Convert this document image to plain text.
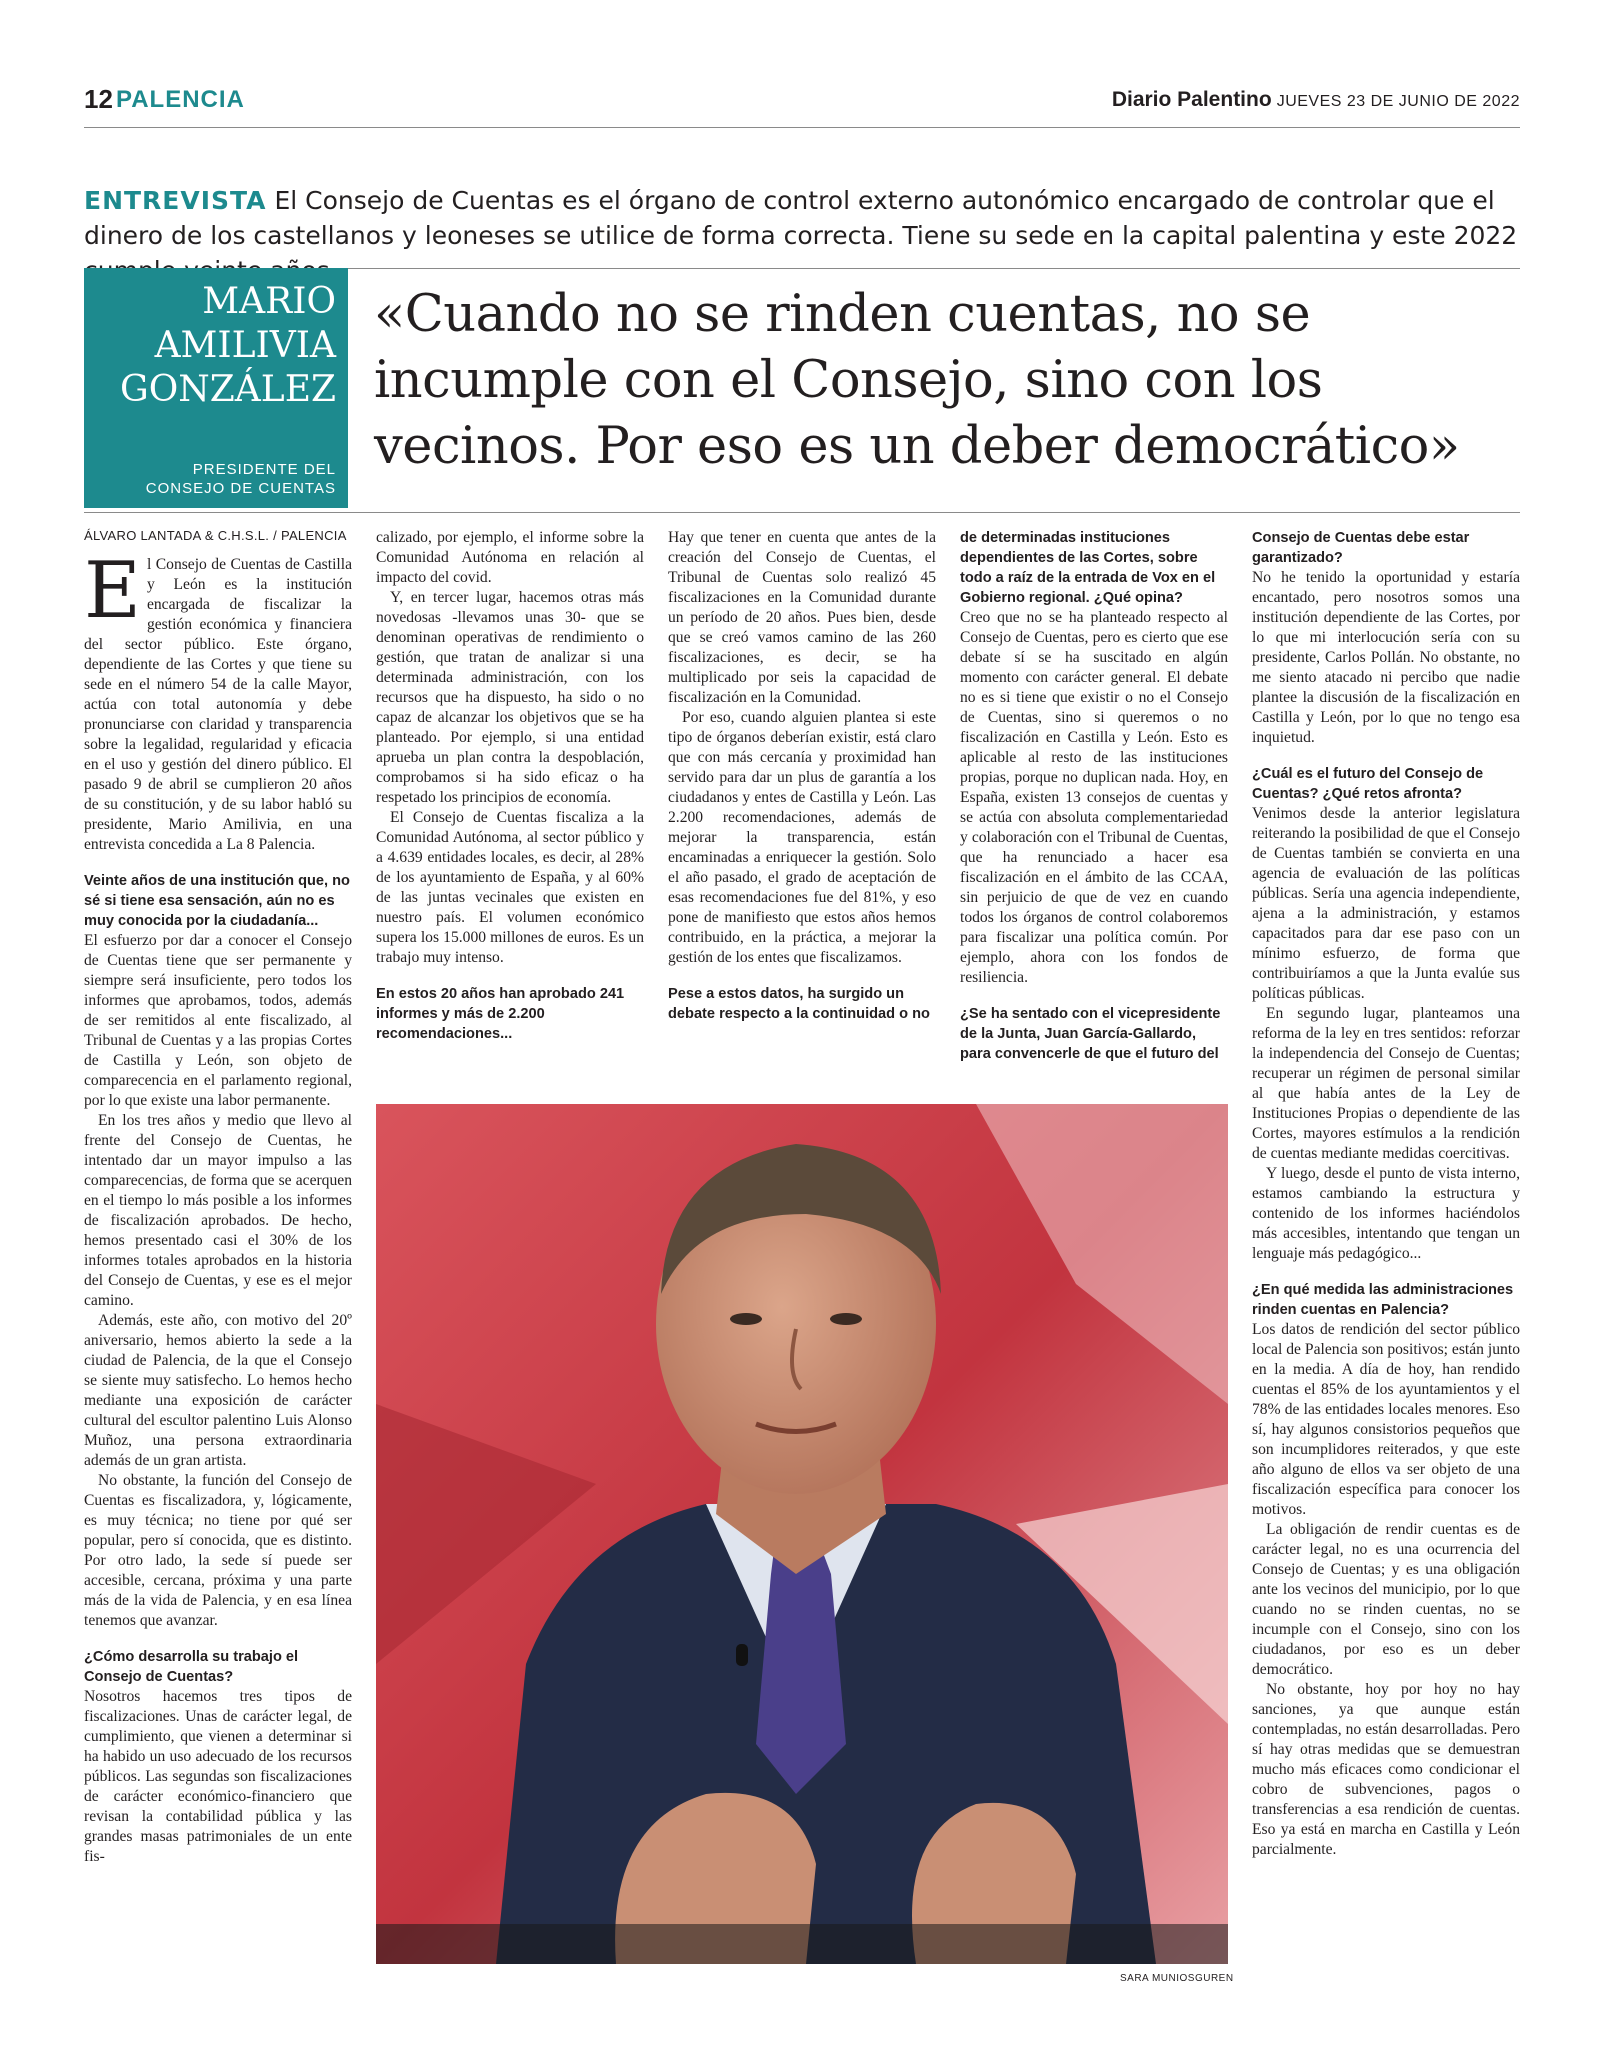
12 PALENCIA	Diario Palentino JUEVES 23 DE JUNIO DE 2022
ENTREVISTA El Consejo de Cuentas es el órgano de control externo autonómico encargado de controlar que el dinero de los castellanos y leoneses se utilice de forma correcta. Tiene su sede en la capital palentina y este 2022
MARIO
AMILIVIA
GONZÁLEZ
PRESIDENTE DEL
CONSEJO DE CUENTAS
«Cuando no se rinden cuentas, no se incumple con el Consejo, sino con los vecinos. Por eso es un deber democrático»
ÁLVARO LANTADA & C.H.S.L. / PALENCIA

El Consejo de Cuentas de Castilla y León es la institución encargada de fiscalizar la gestión económica y financiera del sector público. Este órgano, dependiente de las Cortes y que tiene su sede en el número 54 de la calle Mayor, actúa con total autonomía y debe pronunciarse con claridad y transparencia sobre la legalidad, regularidad y eficacia en el uso y gestión del dinero público. El pasado 9 de abril se cumplieron 20 años de su constitución, y de su labor habló su presidente, Mario Amilivia, en una entrevista concedida a La 8 Palencia.

Veinte años de una institución que, no sé si tiene esa sensación, aún no es muy conocida por la ciudadanía...

El esfuerzo por dar a conocer el Consejo de Cuentas tiene que ser permanente y siempre será insuficiente, pero todos los informes que aprobamos, todos, además de ser remitidos al ente fiscalizado, al Tribunal de Cuentas y a las propias Cortes de Castilla y León, son objeto de comparecencia en el parlamento regional, por lo que existe una labor permanente.

En los tres años y medio que llevo al frente del Consejo de Cuentas, he intentado dar un mayor impulso a las comparecencias, de forma que se acerquen en el tiempo lo más posible a los informes de fiscalización aprobados. De hecho, hemos presentado casi el 30% de los informes totales aprobados en la historia del Consejo de Cuentas, y ese es el mejor camino.

Además, este año, con motivo del 20º aniversario, hemos abierto la sede a la ciudad de Palencia, de la que el Consejo se siente muy satisfecho. Lo hemos hecho mediante una exposición de carácter cultural del escultor palentino Luis Alonso Muñoz, una persona extraordinaria además de un gran artista.

No obstante, la función del Consejo de Cuentas es fiscalizadora, y, lógicamente, es muy técnica; no tiene por qué ser popular, pero sí conocida, que es distinto. Por otro lado, la sede sí puede ser accesible, cercana, próxima y una parte más de la vida de Palencia, y en esa línea tenemos que avanzar.

¿Cómo desarrolla su trabajo el Consejo de Cuentas?

Nosotros hacemos tres tipos de fiscalizaciones. Unas de carácter legal, de cumplimiento, que vienen a determinar si ha habido un uso adecuado de los recursos públicos. Las segundas son fiscalizaciones de carácter económico-financiero que revisan la contabilidad pública y las grandes masas patrimoniales de un ente fis-

calizado, por ejemplo, el informe sobre la Comunidad Autónoma en relación al impacto del covid.

Y, en tercer lugar, hacemos otras más novedosas -llevamos unas 30- que se denominan operativas de rendimiento o gestión, que tratan de analizar si una determinada administración, con los recursos que ha dispuesto, ha sido o no capaz de alcanzar los objetivos que se ha planteado. Por ejemplo, si una entidad aprueba un plan contra la despoblación, comprobamos si ha sido eficaz o ha respetado los principios de economía.

El Consejo de Cuentas fiscaliza a la Comunidad Autónoma, al sector público y a 4.639 entidades locales, es decir, al 28% de los ayuntamiento de España, y al 60% de las juntas vecinales que existen en nuestro país. El volumen económico supera los 15.000 millones de euros. Es un trabajo muy intenso.

En estos 20 años han aprobado 241 informes y más de 2.200 recomendaciones...

Hay que tener en cuenta que antes de la creación del Consejo de Cuentas, el Tribunal de Cuentas solo realizó 45 fiscalizaciones en la Comunidad durante un período de 20 años. Pues bien, desde que se creó vamos camino de las 260 fiscalizaciones, es decir, se ha multiplicado por seis la capacidad de fiscalización en la Comunidad.

Por eso, cuando alguien plantea si este tipo de órganos deberían existir, está claro que con más cercanía y proximidad han servido para dar un plus de garantía a los ciudadanos y entes de Castilla y León. Las 2.200 recomendaciones, además de mejorar la transparencia, están encaminadas a enriquecer la gestión. Solo el año pasado, el grado de aceptación de esas recomendaciones fue del 81%, y eso pone de manifiesto que estos años hemos contribuido, en la práctica, a mejorar la gestión de los entes que fiscalizamos.

Pese a estos datos, ha surgido un debate respecto a la continuidad o no

de determinadas instituciones dependientes de las Cortes, sobre todo a raíz de la entrada de Vox en el Gobierno regional. ¿Qué opina?

Creo que no se ha planteado respecto al Consejo de Cuentas, pero es cierto que ese debate sí se ha suscitado en algún momento con carácter general. El debate no es si tiene que existir o no el Consejo de Cuentas, sino si queremos o no fiscalización en Castilla y León. Esto es aplicable al resto de las instituciones propias, porque no duplican nada. Hoy, en España, existen 13 consejos de cuentas y se actúa con absoluta complementariedad y colaboración con el Tribunal de Cuentas, que ha renunciado a hacer esa fiscalización en el ámbito de las CCAA, sin perjuicio de que de vez en cuando todos los órganos de control colaboremos para fiscalizar una política común. Por ejemplo, ahora con los fondos de resiliencia.

¿Se ha sentado con el vicepresidente de la Junta, Juan García-Gallardo, para convencerle de que el futuro del

Consejo de Cuentas debe estar garantizado?

No he tenido la oportunidad y estaría encantado, pero nosotros somos una institución dependiente de las Cortes, por lo que mi interlocución sería con su presidente, Carlos Pollán. No obstante, no me siento atacado ni percibo que nadie plantee la discusión de la fiscalización en Castilla y León, por lo que no tengo esa inquietud.

¿Cuál es el futuro del Consejo de Cuentas? ¿Qué retos afronta?

Venimos desde la anterior legislatura reiterando la posibilidad de que el Consejo de Cuentas también se convierta en una agencia de evaluación de las políticas públicas. Sería una agencia independiente, ajena a la administración, y estamos capacitados para dar ese paso con un mínimo esfuerzo, de forma que contribuiríamos a que la Junta evalúe sus políticas públicas.

En segundo lugar, planteamos una reforma de la ley en tres sentidos: reforzar la independencia del Consejo de Cuentas; recuperar un régimen de personal similar al que había antes de la Ley de Instituciones Propias o dependiente de las Cortes, mayores estímulos a la rendición de cuentas mediante medidas coercitivas.

Y luego, desde el punto de vista interno, estamos cambiando la estructura y contenido de los informes haciéndolos más accesibles, intentando que tengan un lenguaje más pedagógico...

¿En qué medida las administraciones rinden cuentas en Palencia?

Los datos de rendición del sector público local de Palencia son positivos; están junto en la media. A día de hoy, han rendido cuentas el 85% de los ayuntamientos y el 78% de las entidades locales menores. Eso sí, hay algunos consistorios pequeños que son incumplidores reiterados, y que este año alguno de ellos va ser objeto de una fiscalización específica para conocer los motivos.

La obligación de rendir cuentas es de carácter legal, no es una ocurrencia del Consejo de Cuentas; y es una obligación ante los vecinos del municipio, por lo que cuando no se rinden cuentas, no se incumple con el Consejo, sino con los ciudadanos, por eso es un deber democrático.

No obstante, hoy por hoy no hay sanciones, ya que aunque están contempladas, no están desarrolladas. Pero sí hay otras medidas que se demuestran mucho más eficaces como condicionar el cobro de subvenciones, pagos o transferencias a esa rendición de cuentas. Eso ya está en marcha en Castilla y León parcialmente.

SARA MUNIOSGUREN
